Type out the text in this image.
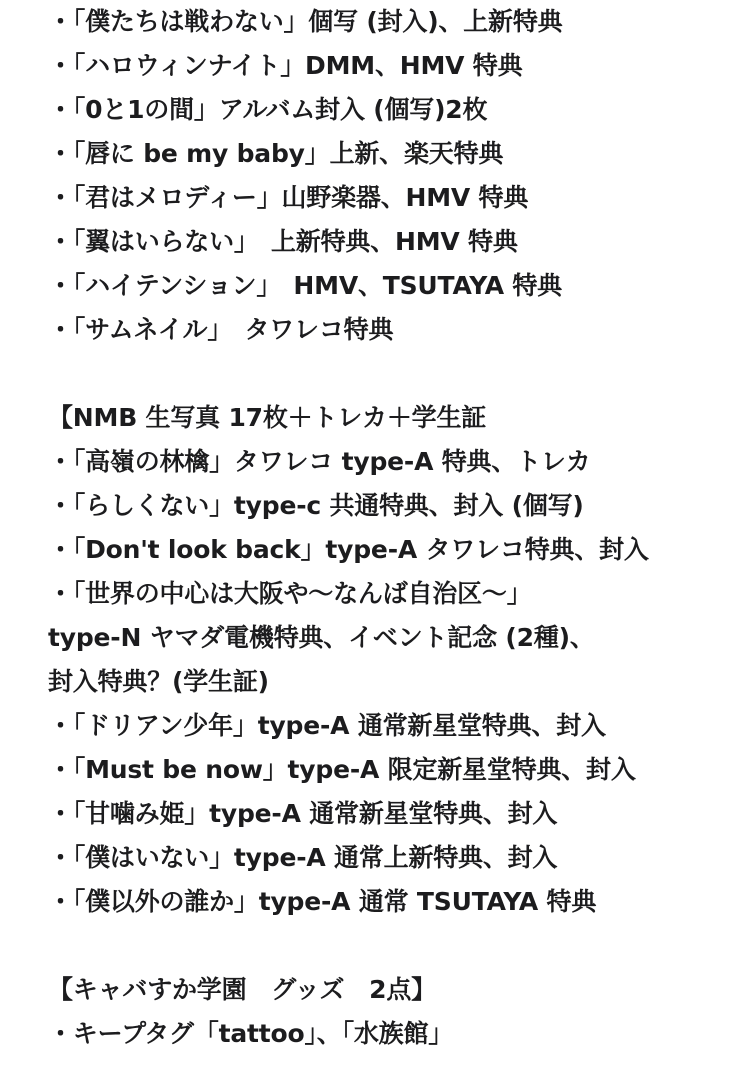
・「僕たちは戦わない」個写 (封入)、上新特典
・「ハロウィンナイト」DMM、HMV 特典
・「0と1の間」アルバム封入 (個写)2枚
・「唇に be my baby」上新、楽天特典
・「君はメロディー」山野楽器、HMV 特典
・「翼はいらない」　上新特典、HMV 特典
・「ハイテンション」　HMV、TSUTAYA 特典
・「サムネイル」　タワレコ特典
【NMB 生写真 17枚＋トレカ＋学生証
・「高嶺の林檎」タワレコ type-A 特典、トレカ
・「らしくない」type-c 共通特典、封入 (個写)
・「Don't look back」type-A タワレコ特典、封入
・「世界の中心は大阪や〜なんば自治区〜」
type-N ヤマダ電機特典、イベント記念 (2種)、
封入特典？(学生証)
・「ドリアン少年」type-A 通常新星堂特典、封入
・「Must be now」type-A 限定新星堂特典、封入
・「甘噛み姫」type-A 通常新星堂特典、封入
・「僕はいない」type-A 通常上新特典、封入
・「僕以外の誰か」type-A 通常 TSUTAYA 特典
【キャバすか学園　グッズ　2点】
・キープタグ「tattoo」、「水族館」
